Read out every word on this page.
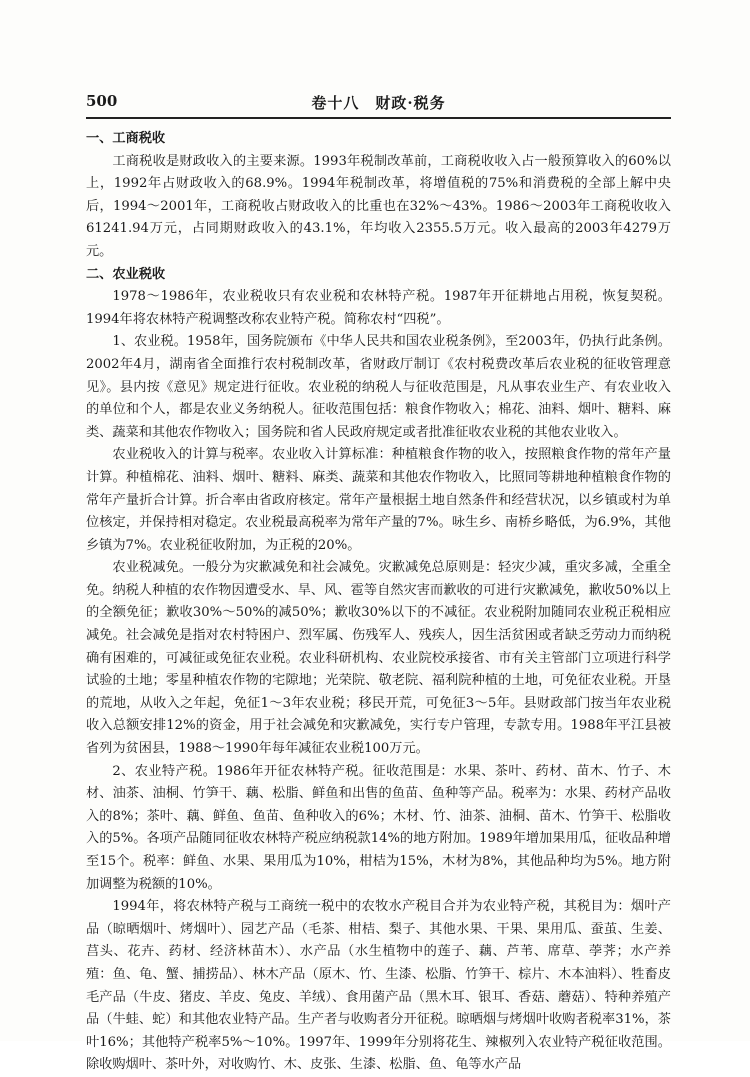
500	卷十八　财政·税务
一、工商税收

工商税收是财政收入的主要来源。1993年税制改革前，工商税收收入占一般预算收入的60%以上，1992年占财政收入的68.9%。1994年税制改革，将增值税的75%和消费税的全部上解中央后，1994～2001年，工商税收占财政收入的比重也在32%～43%。1986～2003年工商税收收入61241.94万元，占同期财政收入的43.1%，年均收入2355.5万元。收入最高的2003年4279万元。

二、农业税收

1978～1986年，农业税收只有农业税和农林特产税。1987年开征耕地占用税，恢复契税。1994年将农林特产税调整改称农业特产税。简称农村“四税”。

1、农业税。1958年，国务院颁布《中华人民共和国农业税条例》，至2003年，仍执行此条例。2002年4月，湖南省全面推行农村税制改革，省财政厅制订《农村税费改革后农业税的征收管理意见》。县内按《意见》规定进行征收。农业税的纳税人与征收范围是，凡从事农业生产、有农业收入的单位和个人，都是农业义务纳税人。征收范围包括：粮食作物收入；棉花、油料、烟叶、糖料、麻类、蔬菜和其他农作物收入；国务院和省人民政府规定或者批准征收农业税的其他农业收入。

农业税收入的计算与税率。农业收入计算标准：种植粮食作物的收入，按照粮食作物的常年产量计算。种植棉花、油料、烟叶、糖料、麻类、蔬菜和其他农作物收入，比照同等耕地种植粮食作物的常年产量折合计算。折合率由省政府核定。常年产量根据土地自然条件和经营状况，以乡镇或村为单位核定，并保持相对稳定。农业税最高税率为常年产量的7%。咏生乡、南桥乡略低，为6.9%，其他乡镇为7%。农业税征收附加，为正税的20%。

农业税减免。一般分为灾歉减免和社会减免。灾歉减免总原则是：轻灾少减，重灾多减，全重全免。纳税人种植的农作物因遭受水、旱、风、雹等自然灾害而歉收的可进行灾歉减免，歉收50%以上的全额免征；歉收30%～50%的减50%；歉收30%以下的不减征。农业税附加随同农业税正税相应减免。社会减免是指对农村特困户、烈军属、伤残军人、残疾人，因生活贫困或者缺乏劳动力而纳税确有困难的，可减征或免征农业税。农业科研机构、农业院校承接省、市有关主管部门立项进行科学试验的土地；零星种植农作物的宅隙地；光荣院、敬老院、福利院种植的土地，可免征农业税。开垦的荒地，从收入之年起，免征1～3年农业税；移民开荒，可免征3～5年。县财政部门按当年农业税收入总额安排12%的资金，用于社会减免和灾歉减免，实行专户管理，专款专用。1988年平江县被省列为贫困县，1988～1990年每年减征农业税100万元。

2、农业特产税。1986年开征农林特产税。征收范围是：水果、茶叶、药材、苗木、竹子、木材、油茶、油桐、竹笋干、藕、松脂、鲜鱼和出售的鱼苗、鱼种等产品。税率为：水果、药材产品收入的8%；茶叶、藕、鲜鱼、鱼苗、鱼种收入的6%；木材、竹、油茶、油桐、苗木、竹笋干、松脂收入的5%。各项产品随同征收农林特产税应纳税款14%的地方附加。1989年增加果用瓜，征收品种增至15个。税率：鲜鱼、水果、果用瓜为10%，柑桔为15%，木材为8%，其他品种均为5%。地方附加调整为税额的10%。

1994年，将农林特产税与工商统一税中的农牧水产税目合并为农业特产税，其税目为：烟叶产品（晾晒烟叶、烤烟叶）、园艺产品（毛茶、柑桔、梨子、其他水果、干果、果用瓜、蚕茧、生姜、莒头、花卉、药材、经济林苗木）、水产品（水生植物中的莲子、藕、芦苇、席草、荸荠；水产养殖：鱼、龟、蟹、捕捞品）、林木产品（原木、竹、生漆、松脂、竹笋干、棕片、木本油料）、牲畜皮毛产品（牛皮、猪皮、羊皮、兔皮、羊绒）、食用菌产品（黑木耳、银耳、香菇、蘑菇）、特种养殖产品（牛蛙、蛇）和其他农业特产品。生产者与收购者分开征税。晾晒烟与烤烟叶收购者税率31%，茶叶16%；其他特产税率5%～10%。1997年、1999年分别将花生、辣椒列入农业特产税征收范围。除收购烟叶、茶叶外，对收购竹、木、皮张、生漆、松脂、鱼、龟等水产品
